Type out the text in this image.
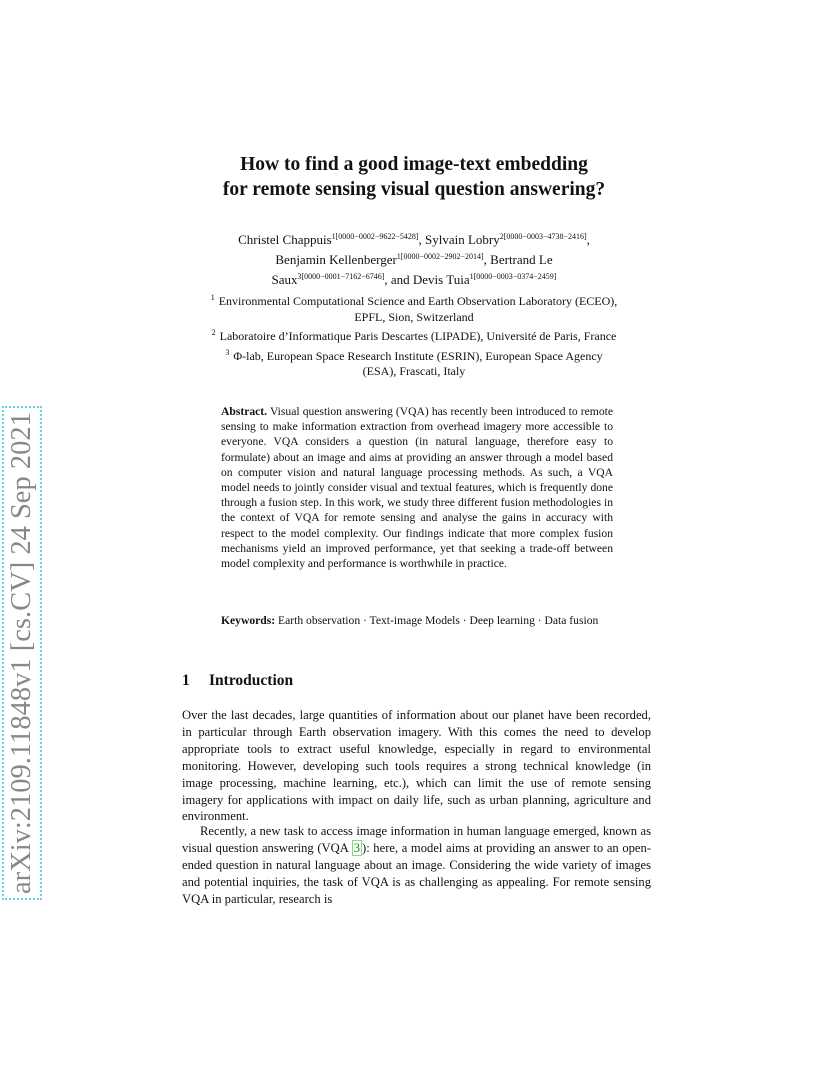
arXiv:2109.11848v1 [cs.CV] 24 Sep 2021
How to find a good image-text embedding
for remote sensing visual question answering?
Christel Chappuis$^{1[0000-0002-9622-5428]}$, Sylvain Lobry$^{2[0000-0003-4738-2416]}$,
Benjamin Kellenberger$^{1[0000-0002-2902-2014]}$, Bertrand Le
Saux$^{3[0000-0001-7162-6746]}$, and Devis Tuia$^{1[0000-0003-0374-2459]}$
$^1$ Environmental Computational Science and Earth Observation Laboratory (ECEO),
EPFL, Sion, Switzerland
$^2$ Laboratoire d’Informatique Paris Descartes (LIPADE), Université de Paris, France
$^3$ Φ-lab, European Space Research Institute (ESRIN), European Space Agency
(ESA), Frascati, Italy
Abstract. Visual question answering (VQA) has recently been introduced to remote sensing to make information extraction from overhead imagery more accessible to everyone. VQA considers a question (in natural language, therefore easy to formulate) about an image and aims at providing an answer through a model based on computer vision and natural language processing methods. As such, a VQA model needs to jointly consider visual and textual features, which is frequently done through a fusion step. In this work, we study three different fusion methodologies in the context of VQA for remote sensing and analyse the gains in accuracy with respect to the model complexity. Our findings indicate that more complex fusion mechanisms yield an improved performance, yet that seeking a trade-off between model complexity and performance is worthwhile in practice.
Keywords: Earth observation · Text-image Models · Deep learning · Data fusion
1 Introduction
Over the last decades, large quantities of information about our planet have been recorded, in particular through Earth observation imagery. With this comes the need to develop appropriate tools to extract useful knowledge, especially in regard to environmental monitoring. However, developing such tools requires a strong technical knowledge (in image processing, machine learning, etc.), which can limit the use of remote sensing imagery for applications with impact on daily life, such as urban planning, agriculture and environment.
Recently, a new task to access image information in human language emerged, known as visual question answering (VQA 3 ): here, a model aims at providing an answer to an open-ended question in natural language about an image. Considering the wide variety of images and potential inquiries, the task of VQA is as challenging as appealing. For remote sensing VQA in particular, research is
